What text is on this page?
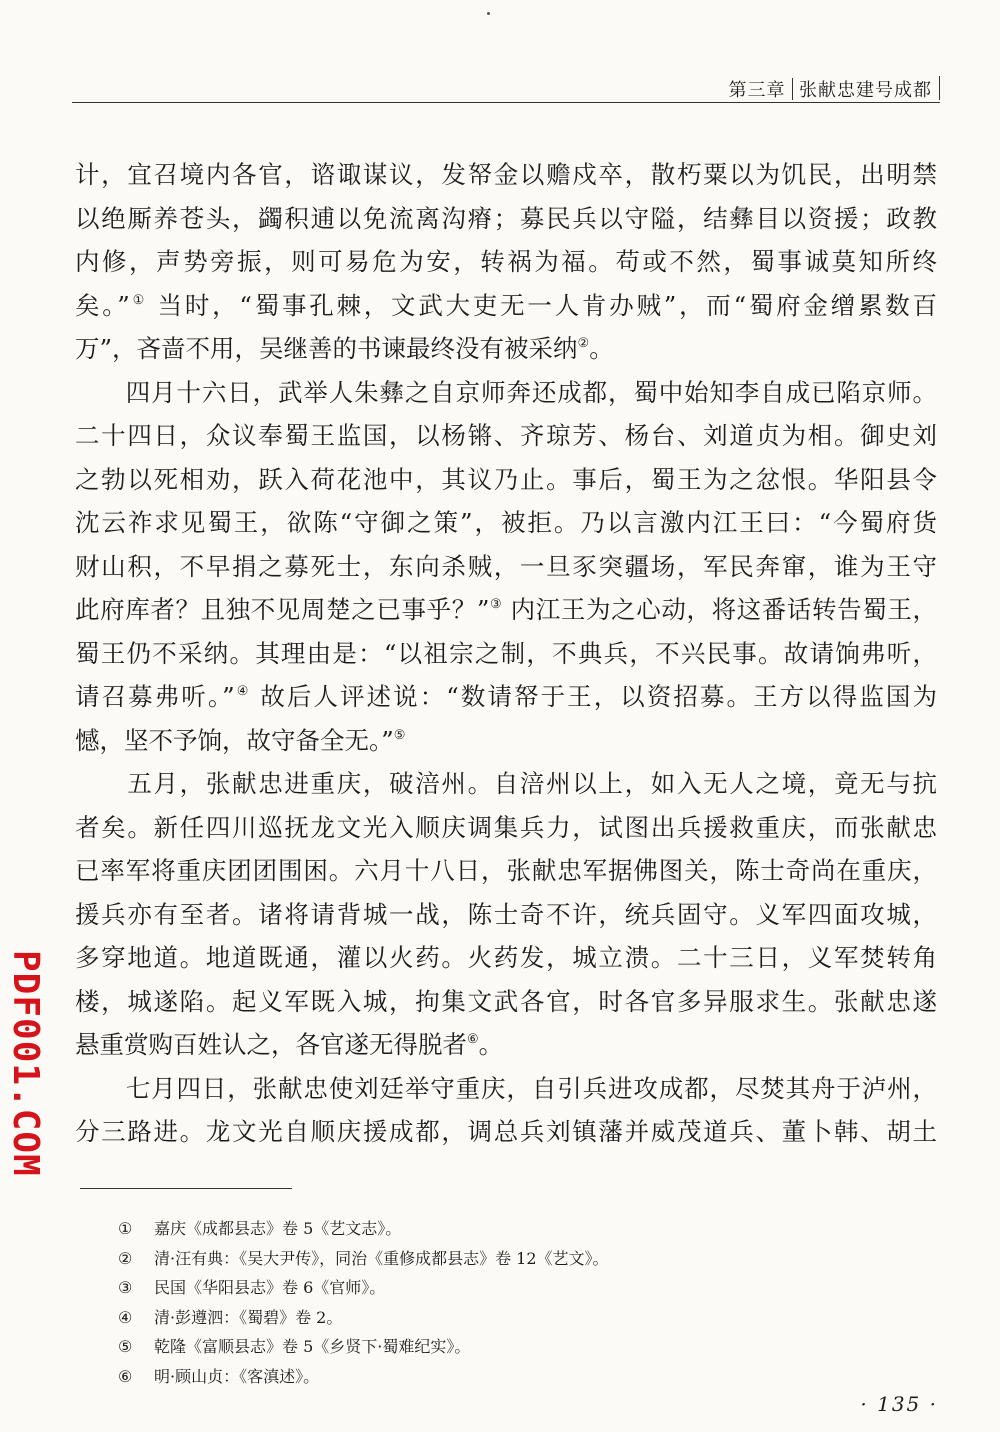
第三章 张献忠建号成都
计，宜召境内各官，谘诹谋议，发帑金以赡戍卒，散朽粟以为饥民，出明禁
以绝厮养苍头，蠲积逋以免流离沟瘠；募民兵以守隘，结彝目以资援；政教
内修，声势旁振，则可易危为安，转祸为福。苟或不然，蜀事诚莫知所终
矣。”① 当时，“蜀事孔棘，文武大吏无一人肯办贼”，而“蜀府金缯累数百
万”，吝啬不用，吴继善的书谏最终没有被采纳②。
　　四月十六日，武举人朱彝之自京师奔还成都，蜀中始知李自成已陷京师。
二十四日，众议奉蜀王监国，以杨锵、齐琼芳、杨台、刘道贞为相。御史刘
之勃以死相劝，跃入荷花池中，其议乃止。事后，蜀王为之忿恨。华阳县令
沈云祚求见蜀王，欲陈“守御之策”，被拒。乃以言激内江王曰：“今蜀府货
财山积，不早捐之募死士，东向杀贼，一旦豕突疆场，军民奔窜，谁为王守
此府库者？且独不见周楚之已事乎？”③ 内江王为之心动，将这番话转告蜀王，
蜀王仍不采纳。其理由是：“以祖宗之制，不典兵，不兴民事。故请饷弗听，
请召募弗听。”④ 故后人评述说：“数请帑于王，以资招募。王方以得监国为
憾，坚不予饷，故守备全无。”⑤
　　五月，张献忠进重庆，破涪州。自涪州以上，如入无人之境，竟无与抗
者矣。新任四川巡抚龙文光入顺庆调集兵力，试图出兵援救重庆，而张献忠
已率军将重庆团团围困。六月十八日，张献忠军据佛图关，陈士奇尚在重庆，
援兵亦有至者。诸将请背城一战，陈士奇不许，统兵固守。义军四面攻城，
多穿地道。地道既通，灌以火药。火药发，城立溃。二十三日，义军焚转角
楼，城遂陷。起义军既入城，拘集文武各官，时各官多异服求生。张献忠遂
悬重赏购百姓认之，各官遂无得脱者⑥。
　　七月四日，张献忠使刘廷举守重庆，自引兵进攻成都，尽焚其舟于泸州，
分三路进。龙文光自顺庆援成都，调总兵刘镇藩并威茂道兵、董卜韩、胡土
① 嘉庆《成都县志》卷 5《艺文志》。
② 清·汪有典：《吴大尹传》，同治《重修成都县志》卷 12《艺文》。
③ 民国《华阳县志》卷 6《官师》。
④ 清·彭遵泗：《蜀碧》卷 2。
⑤ 乾隆《富顺县志》卷 5《乡贤下·蜀难纪实》。
⑥ 明·顾山贞：《客滇述》。
PDF001.COM
· 135 ·
